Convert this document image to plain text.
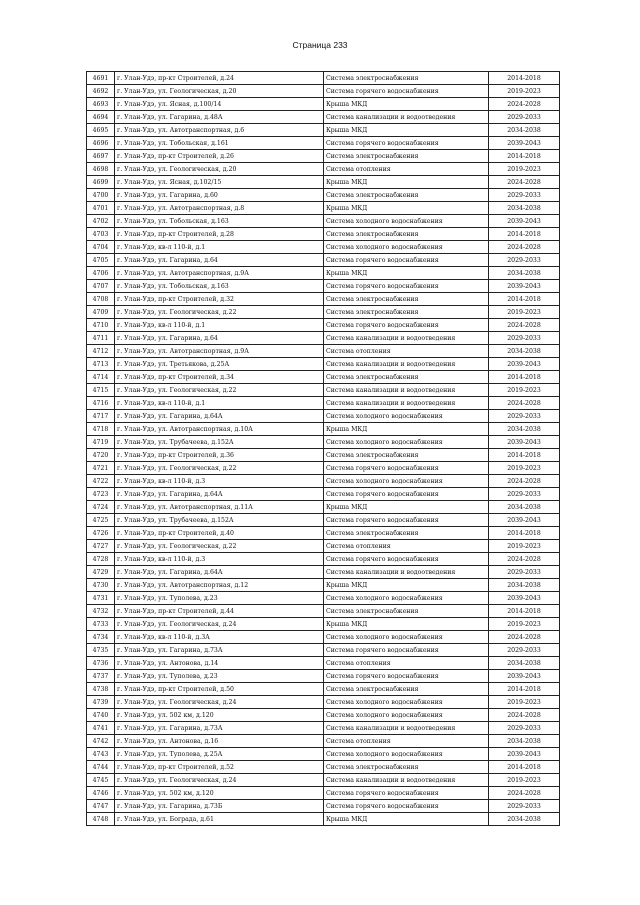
Страница 233
4691	г. Улан-Удэ, пр-кт Строителей, д.24	Система электроснабжения	2014-2018
4692	г. Улан-Удэ, ул. Геологическая, д.20	Система горячего водоснабжения	2019-2023
4693	г. Улан-Удэ, ул. Ясная, д.100/14	Крыша МКД	2024-2028
4694	г. Улан-Удэ, ул. Гагарина, д.48А	Система канализации и водоотведения	2029-2033
4695	г. Улан-Удэ, ул. Автотранспортная, д.6	Крыша МКД	2034-2038
4696	г. Улан-Удэ, ул. Тобольская, д.161	Система горячего водоснабжения	2039-2043
4697	г. Улан-Удэ, пр-кт Строителей, д.26	Система электроснабжения	2014-2018
4698	г. Улан-Удэ, ул. Геологическая, д.20	Система отопления	2019-2023
4699	г. Улан-Удэ, ул. Ясная, д.102/15	Крыша МКД	2024-2028
4700	г. Улан-Удэ, ул. Гагарина, д.60	Система электроснабжения	2029-2033
4701	г. Улан-Удэ, ул. Автотранспортная, д.8	Крыша МКД	2034-2038
4702	г. Улан-Удэ, ул. Тобольская, д.163	Система холодного водоснабжения	2039-2043
4703	г. Улан-Удэ, пр-кт Строителей, д.28	Система электроснабжения	2014-2018
4704	г. Улан-Удэ, кв-л 110-й, д.1	Система холодного водоснабжения	2024-2028
4705	г. Улан-Удэ, ул. Гагарина, д.64	Система горячего водоснабжения	2029-2033
4706	г. Улан-Удэ, ул. Автотранспортная, д.9А	Крыша МКД	2034-2038
4707	г. Улан-Удэ, ул. Тобольская, д.163	Система горячего водоснабжения	2039-2043
4708	г. Улан-Удэ, пр-кт Строителей, д.32	Система электроснабжения	2014-2018
4709	г. Улан-Удэ, ул. Геологическая, д.22	Система электроснабжения	2019-2023
4710	г. Улан-Удэ, кв-л 110-й, д.1	Система горячего водоснабжения	2024-2028
4711	г. Улан-Удэ, ул. Гагарина, д.64	Система канализации и водоотведения	2029-2033
4712	г. Улан-Удэ, ул. Автотранспортная, д.9А	Система отопления	2034-2038
4713	г. Улан-Удэ, ул. Третьякова, д.25А	Система канализации и водоотведения	2039-2043
4714	г. Улан-Удэ, пр-кт Строителей, д.34	Система электроснабжения	2014-2018
4715	г. Улан-Удэ, ул. Геологическая, д.22	Система канализации и водоотведения	2019-2023
4716	г. Улан-Удэ, кв-л 110-й, д.1	Система канализации и водоотведения	2024-2028
4717	г. Улан-Удэ, ул. Гагарина, д.64А	Система холодного водоснабжения	2029-2033
4718	г. Улан-Удэ, ул. Автотранспортная, д.10А	Крыша МКД	2034-2038
4719	г. Улан-Удэ, ул. Трубачеева, д.152А	Система холодного водоснабжения	2039-2043
4720	г. Улан-Удэ, пр-кт Строителей, д.36	Система электроснабжения	2014-2018
4721	г. Улан-Удэ, ул. Геологическая, д.22	Система горячего водоснабжения	2019-2023
4722	г. Улан-Удэ, кв-л 110-й, д.3	Система холодного водоснабжения	2024-2028
4723	г. Улан-Удэ, ул. Гагарина, д.64А	Система горячего водоснабжения	2029-2033
4724	г. Улан-Удэ, ул. Автотранспортная, д.11А	Крыша МКД	2034-2038
4725	г. Улан-Удэ, ул. Трубачеева, д.152А	Система горячего водоснабжения	2039-2043
4726	г. Улан-Удэ, пр-кт Строителей, д.40	Система электроснабжения	2014-2018
4727	г. Улан-Удэ, ул. Геологическая, д.22	Система отопления	2019-2023
4728	г. Улан-Удэ, кв-л 110-й, д.3	Система горячего водоснабжения	2024-2028
4729	г. Улан-Удэ, ул. Гагарина, д.64А	Система канализации и водоотведения	2029-2033
4730	г. Улан-Удэ, ул. Автотранспортная, д.12	Крыша МКД	2034-2038
4731	г. Улан-Удэ, ул. Туполева, д.23	Система холодного водоснабжения	2039-2043
4732	г. Улан-Удэ, пр-кт Строителей, д.44	Система электроснабжения	2014-2018
4733	г. Улан-Удэ, ул. Геологическая, д.24	Крыша МКД	2019-2023
4734	г. Улан-Удэ, кв-л 110-й, д.3А	Система холодного водоснабжения	2024-2028
4735	г. Улан-Удэ, ул. Гагарина, д.73А	Система горячего водоснабжения	2029-2033
4736	г. Улан-Удэ, ул. Антонова, д.14	Система отопления	2034-2038
4737	г. Улан-Удэ, ул. Туполева, д.23	Система горячего водоснабжения	2039-2043
4738	г. Улан-Удэ, пр-кт Строителей, д.50	Система электроснабжения	2014-2018
4739	г. Улан-Удэ, ул. Геологическая, д.24	Система холодного водоснабжения	2019-2023
4740	г. Улан-Удэ, ул. 502 км, д.120	Система холодного водоснабжения	2024-2028
4741	г. Улан-Удэ, ул. Гагарина, д.73А	Система канализации и водоотведения	2029-2033
4742	г. Улан-Удэ, ул. Антонова, д.16	Система отопления	2034-2038
4743	г. Улан-Удэ, ул. Туполева, д.25А	Система холодного водоснабжения	2039-2043
4744	г. Улан-Удэ, пр-кт Строителей, д.52	Система электроснабжения	2014-2018
4745	г. Улан-Удэ, ул. Геологическая, д.24	Система канализации и водоотведения	2019-2023
4746	г. Улан-Удэ, ул. 502 км, д.120	Система горячего водоснабжения	2024-2028
4747	г. Улан-Удэ, ул. Гагарина, д.73Б	Система горячего водоснабжения	2029-2033
4748	г. Улан-Удэ, ул. Бограда, д.61	Крыша МКД	2034-2038
